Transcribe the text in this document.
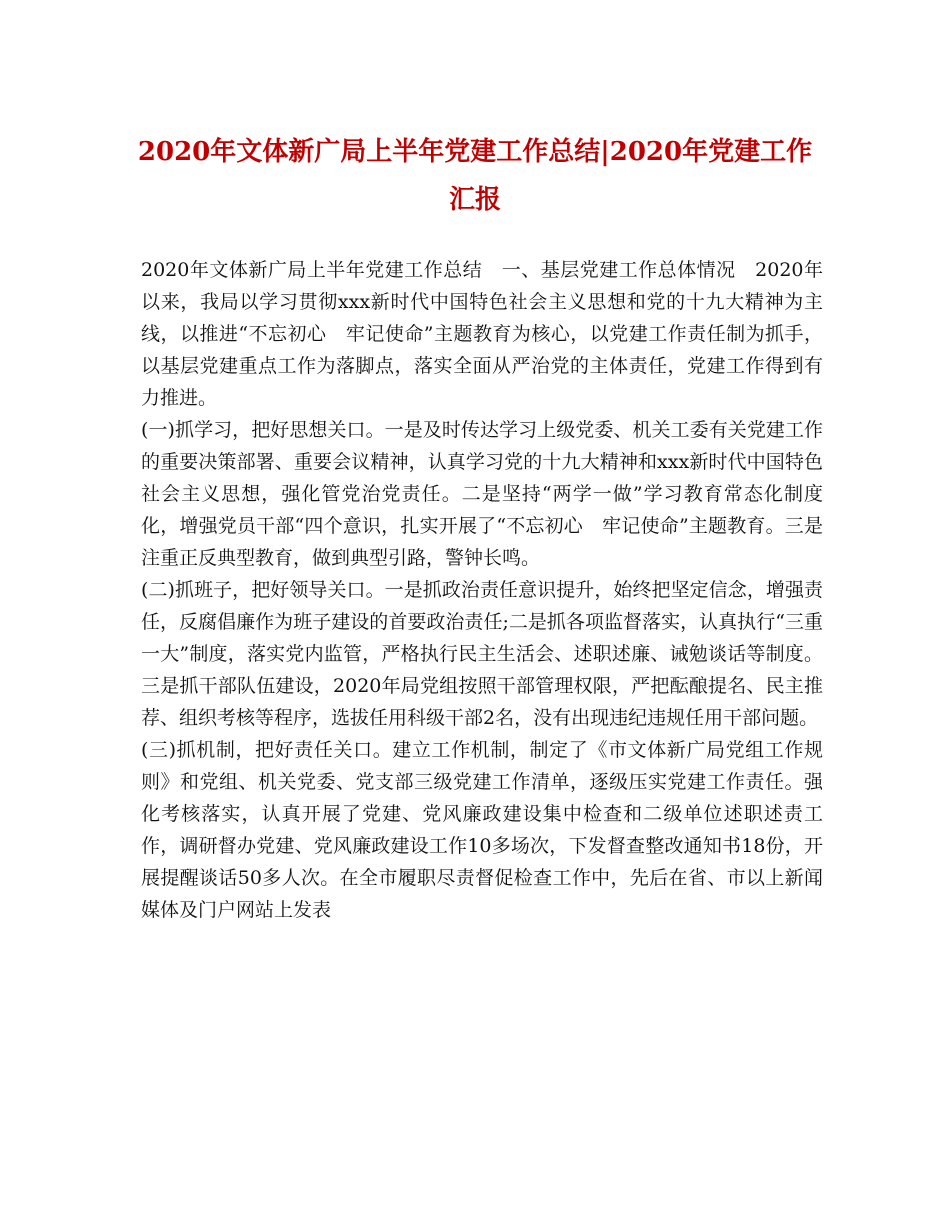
2020年文体新广局上半年党建工作总结|2020年党建工作汇报

2020年文体新广局上半年党建工作总结　一、基层党建工作总体情况　2020年以来，我局以学习贯彻xxx新时代中国特色社会主义思想和党的十九大精神为主线，以推进“不忘初心　牢记使命”主题教育为核心，以党建工作责任制为抓手，以基层党建重点工作为落脚点，落实全面从严治党的主体责任，党建工作得到有力推进。

(一)抓学习，把好思想关口。一是及时传达学习上级党委、机关工委有关党建工作的重要决策部署、重要会议精神，认真学习党的十九大精神和xxx新时代中国特色社会主义思想，强化管党治党责任。二是坚持“两学一做”学习教育常态化制度化，增强党员干部“四个意识，扎实开展了“不忘初心　牢记使命”主题教育。三是注重正反典型教育，做到典型引路，警钟长鸣。

(二)抓班子，把好领导关口。一是抓政治责任意识提升，始终把坚定信念，增强责任，反腐倡廉作为班子建设的首要政治责任;二是抓各项监督落实，认真执行“三重一大”制度，落实党内监管，严格执行民主生活会、述职述廉、诫勉谈话等制度。三是抓干部队伍建设，2020年局党组按照干部管理权限，严把酝酿提名、民主推荐、组织考核等程序，选拔任用科级干部2名，没有出现违纪违规任用干部问题。

(三)抓机制，把好责任关口。建立工作机制，制定了《市文体新广局党组工作规则》和党组、机关党委、党支部三级党建工作清单，逐级压实党建工作责任。强化考核落实，认真开展了党建、党风廉政建设集中检查和二级单位述职述责工作，调研督办党建、党风廉政建设工作10多场次，下发督查整改通知书18份，开展提醒谈话50多人次。在全市履职尽责督促检查工作中，先后在省、市以上新闻媒体及门户网站上发表
